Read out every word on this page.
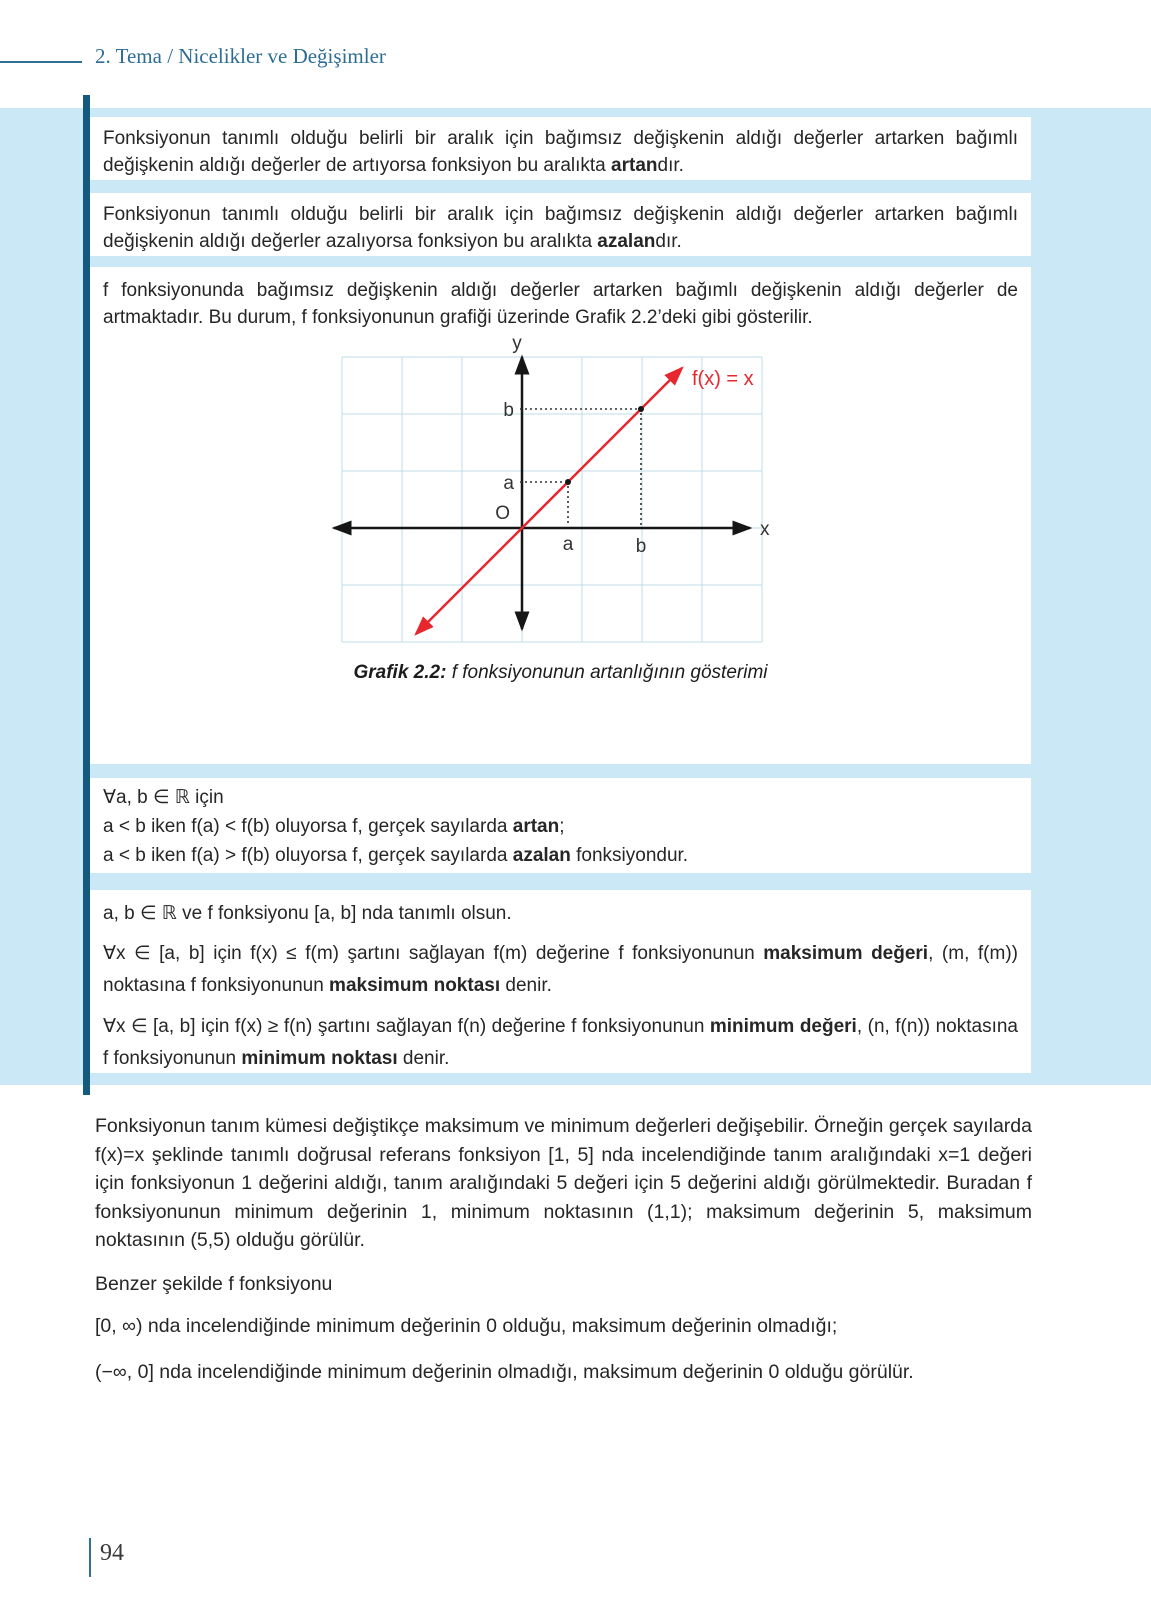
2. Tema / Nicelikler ve Değişimler

Fonksiyonun tanımlı olduğu belirli bir aralık için bağımsız değişkenin aldığı değerler artarken bağımlı değişkenin aldığı değerler de artıyorsa fonksiyon bu aralıkta artandır.

Fonksiyonun tanımlı olduğu belirli bir aralık için bağımsız değişkenin aldığı değerler artarken bağımlı değişkenin aldığı değerler azalıyorsa fonksiyon bu aralıkta azalandır.

f fonksiyonunda bağımsız değişkenin aldığı değerler artarken bağımlı değişkenin aldığı değerler de artmaktadır. Bu durum, f fonksiyonunun grafiği üzerinde Grafik 2.2’deki gibi gösterilir.

y
x
O
a
b
a	b
f(x) = x
Grafik 2.2: f fonksiyonunun artanlığının gösterimi

∀a, b ∈ ℝ için

a < b iken f(a) < f(b) oluyorsa f, gerçek sayılarda artan;

a < b iken f(a) > f(b) oluyorsa f, gerçek sayılarda azalan fonksiyondur.

a, b ∈ ℝ ve f fonksiyonu [a, b] nda tanımlı olsun.

∀x ∈ [a, b] için f(x) ≤ f(m) şartını sağlayan f(m) değerine f fonksiyonunun maksimum değeri, (m, f(m)) noktasına f fonksiyonunun maksimum noktası denir.

∀x ∈ [a, b] için f(x) ≥ f(n) şartını sağlayan f(n) değerine f fonksiyonunun minimum değeri, (n, f(n)) noktasına f fonksiyonunun minimum noktası denir.

Fonksiyonun tanım kümesi değiştikçe maksimum ve minimum değerleri değişebilir. Örneğin gerçek sayılarda f(x)=x şeklinde tanımlı doğrusal referans fonksiyon [1, 5] nda incelendiğinde tanım aralığındaki x=1 değeri için fonksiyonun 1 değerini aldığı, tanım aralığındaki 5 değeri için 5 değerini aldığı görülmektedir. Buradan f fonksiyonunun minimum değerinin 1, minimum noktasının (1,1); maksimum değerinin 5, maksimum noktasının (5,5) olduğu görülür.

Benzer şekilde f fonksiyonu

[0, ∞) nda incelendiğinde minimum değerinin 0 olduğu, maksimum değerinin olmadığı;

(−∞, 0] nda incelendiğinde minimum değerinin olmadığı, maksimum değerinin 0 olduğu görülür.

94
